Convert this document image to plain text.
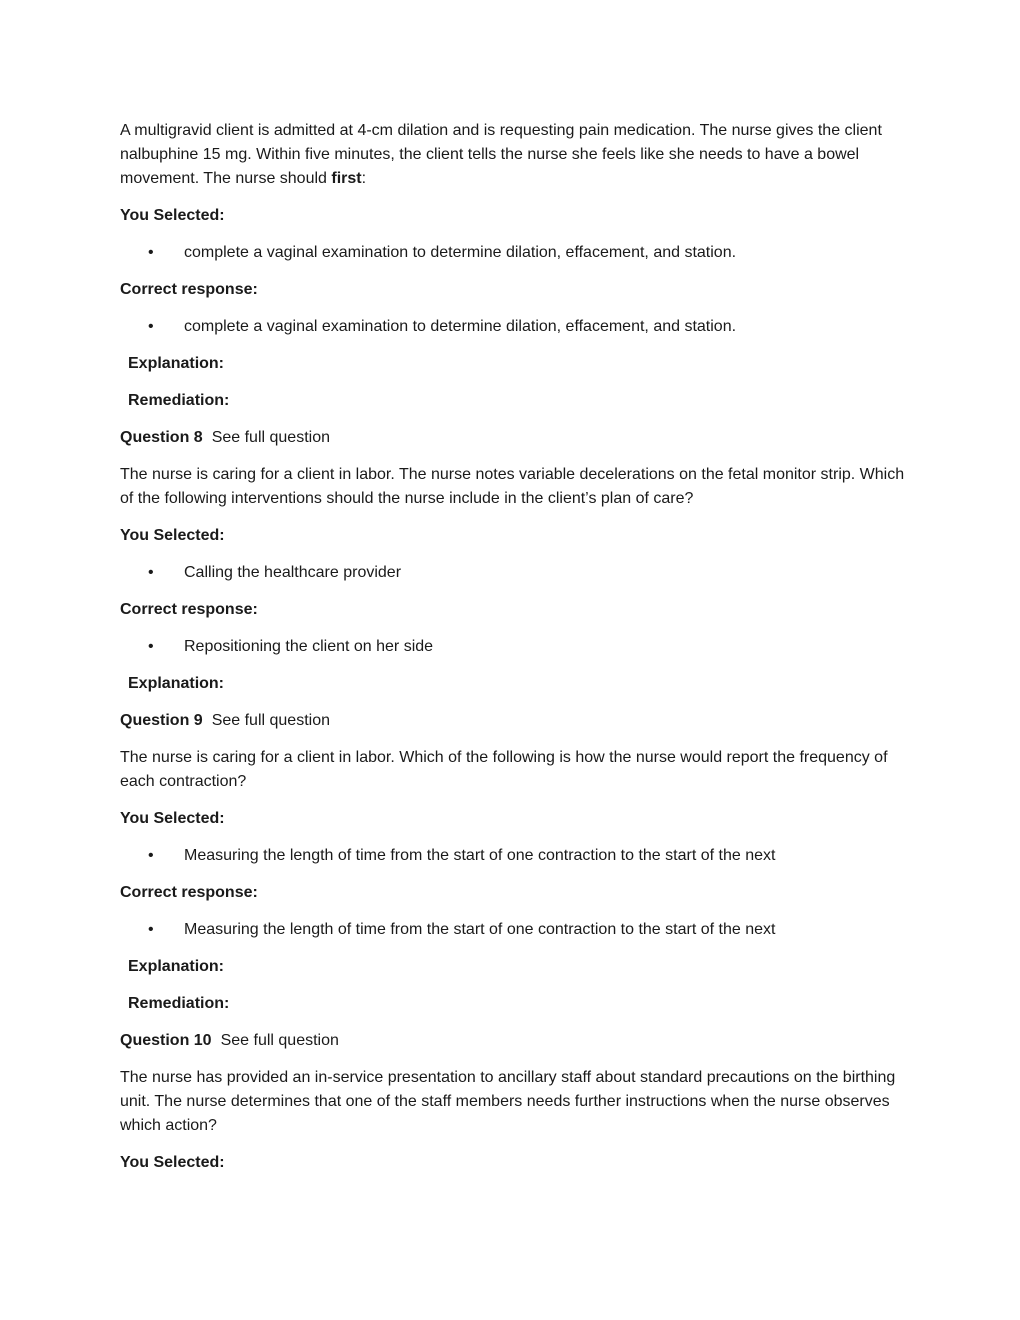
A multigravid client is admitted at 4-cm dilation and is requesting pain medication. The nurse gives the client nalbuphine 15 mg. Within five minutes, the client tells the nurse she feels like she needs to have a bowel movement. The nurse should first:

You Selected:

• complete a vaginal examination to determine dilation, effacement, and station.

Correct response:

• complete a vaginal examination to determine dilation, effacement, and station.

Explanation:

Remediation:

Question 8 See full question

The nurse is caring for a client in labor. The nurse notes variable decelerations on the fetal monitor strip. Which of the following interventions should the nurse include in the client’s plan of care?

You Selected:

• Calling the healthcare provider

Correct response:

• Repositioning the client on her side

Explanation:

Question 9 See full question

The nurse is caring for a client in labor. Which of the following is how the nurse would report the frequency of each contraction?

You Selected:

• Measuring the length of time from the start of one contraction to the start of the next

Correct response:

• Measuring the length of time from the start of one contraction to the start of the next

Explanation:

Remediation:

Question 10 See full question

The nurse has provided an in-service presentation to ancillary staff about standard precautions on the birthing unit. The nurse determines that one of the staff members needs further instructions when the nurse observes which action?

You Selected:
